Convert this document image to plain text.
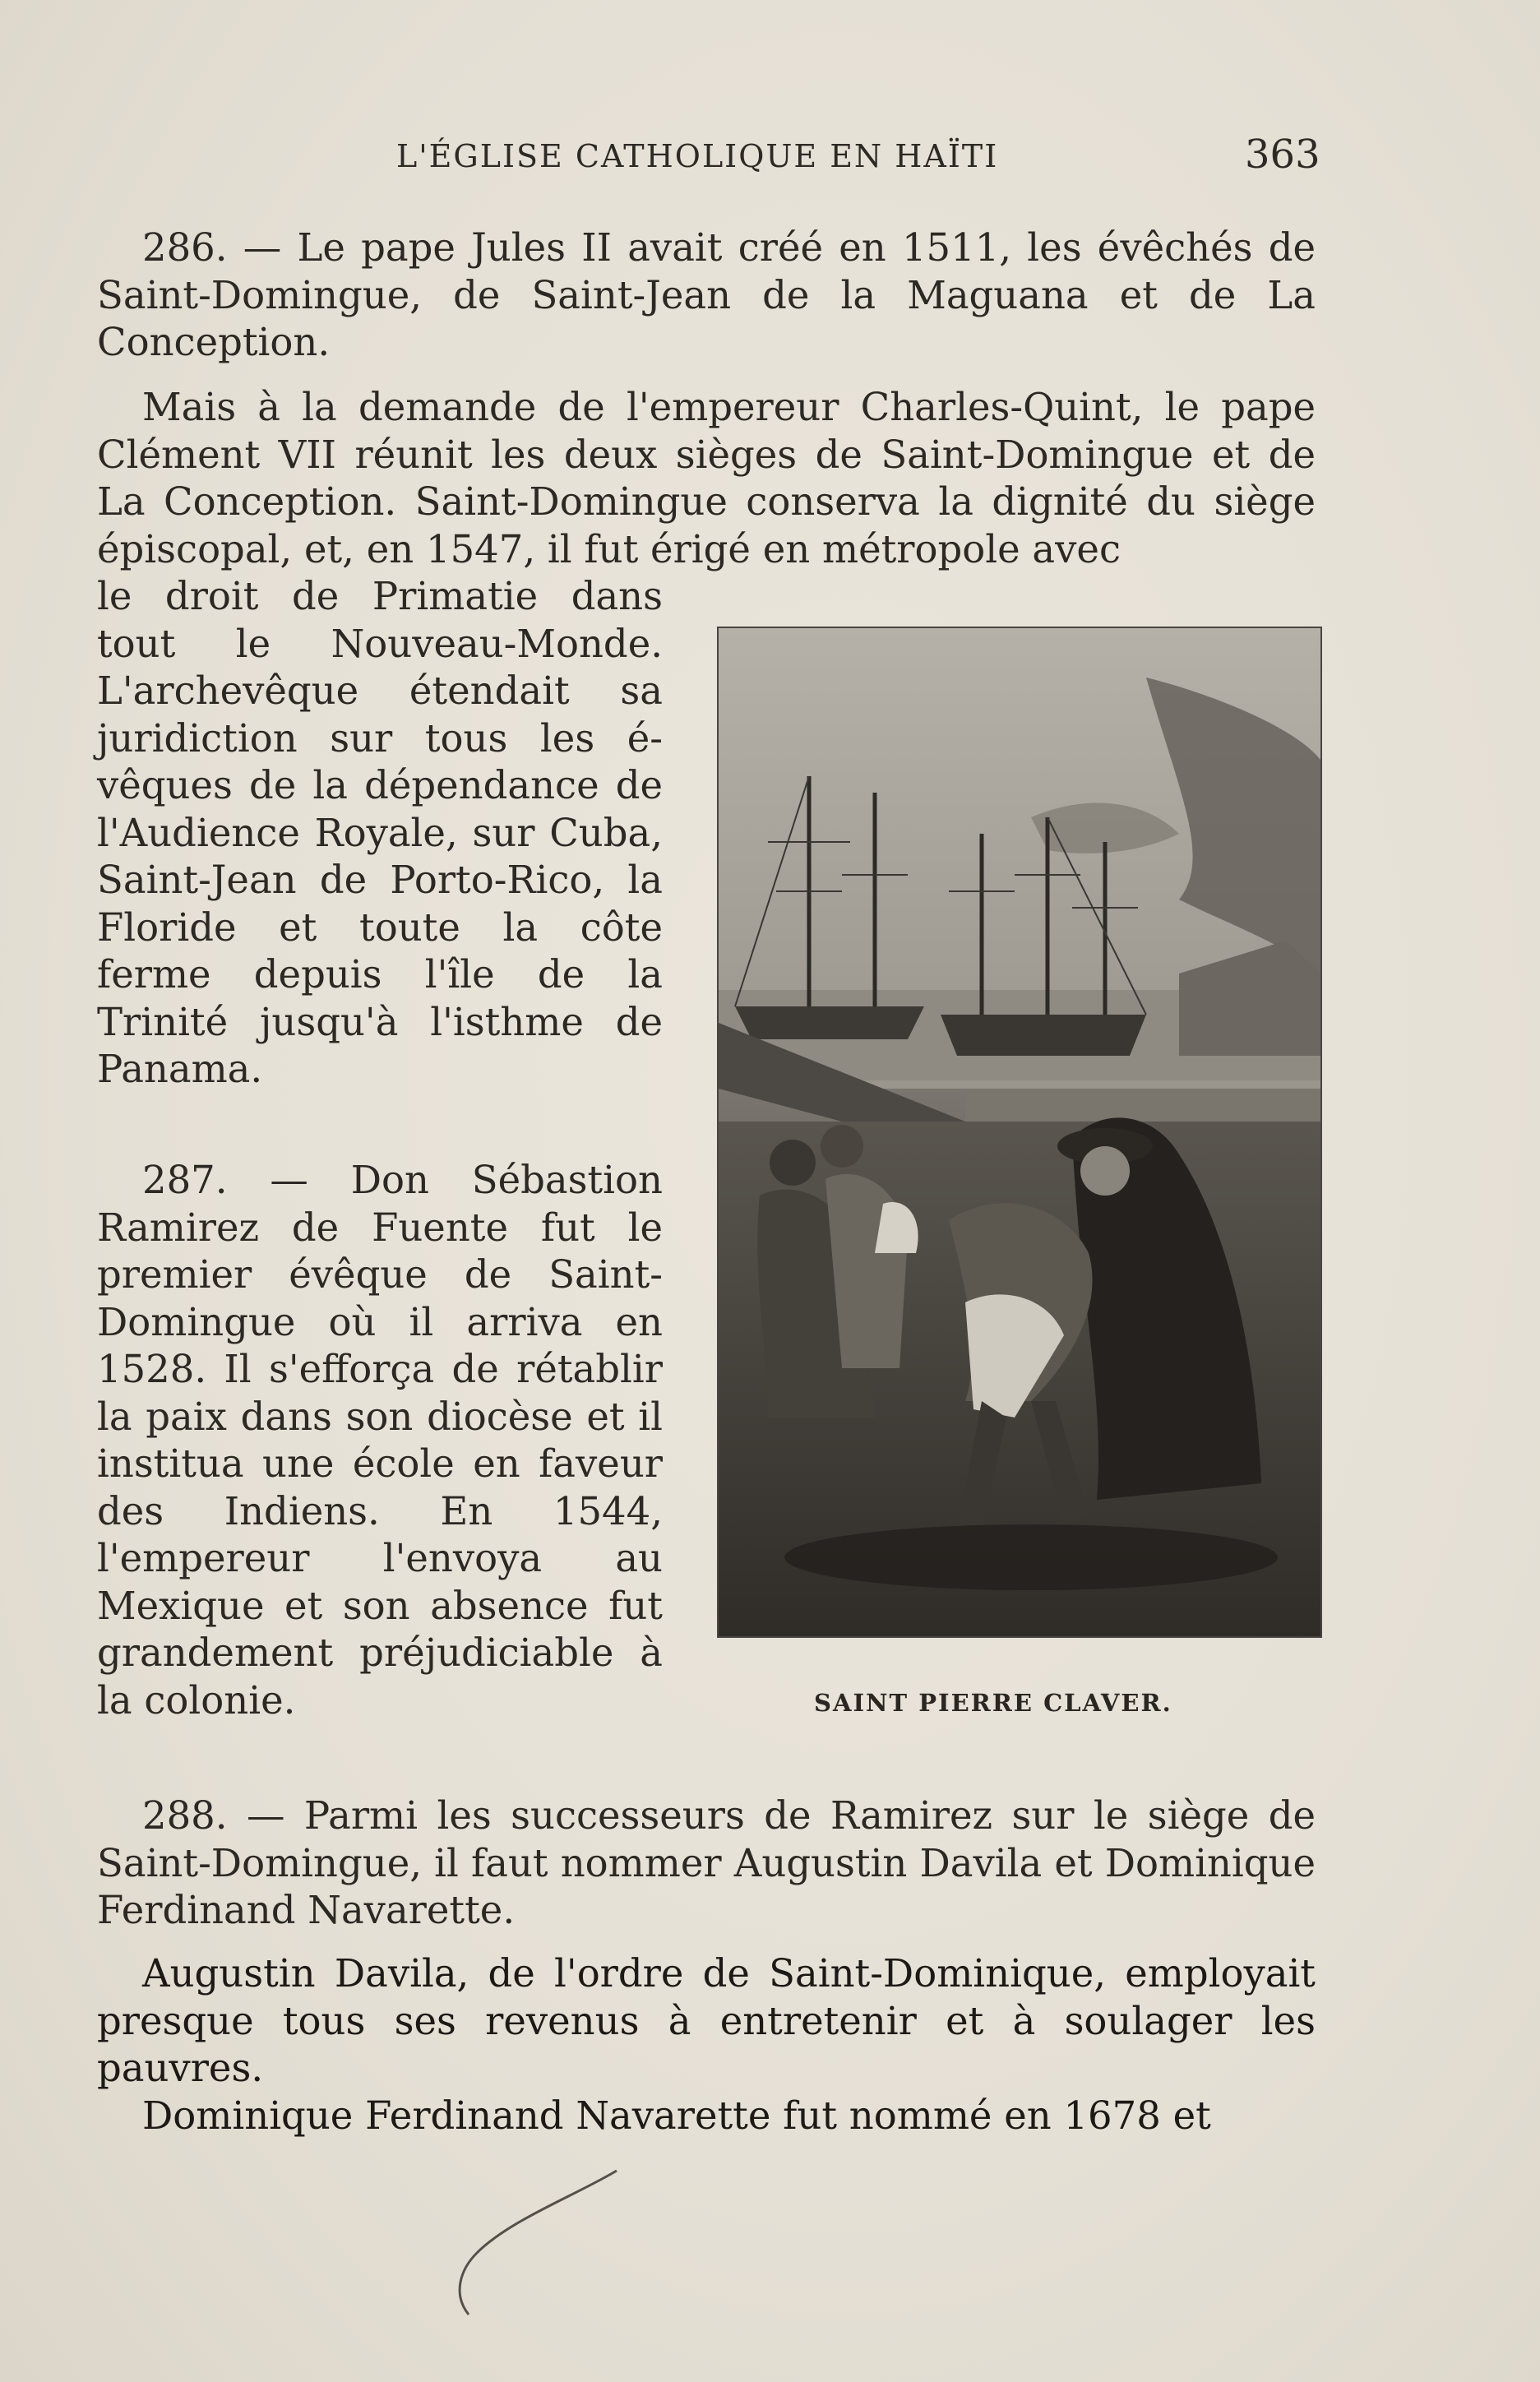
L'ÉGLISE CATHOLIQUE EN HAÏTI	363

286. — Le pape Jules II avait créé en 1511, les évêchés de Saint-Domingue, de Saint-Jean de la Maguana et de La Conception.

Mais à la demande de l'empereur Charles-Quint, le pape Clément VII réunit les deux sièges de Saint-Domingue et de La Conception. Saint-Domingue conserva la dignité du siège épiscopal, et, en 1547, il fut érigé en métropole avec

le droit de Primatie dans tout le Nouveau-Monde. L'archevêque étendait sa juridiction sur tous les é-vêques de la dépendance de l'Audience Royale, sur Cuba, Saint-Jean de Porto-Rico, la Floride et toute la côte ferme depuis l'île de la Trinité jusqu'à l'isthme de Panama.

287. — Don Sébastion Ramirez de Fuente fut le premier évêque de Saint-Domingue où il arriva en 1528. Il s'efforça de rétablir la paix dans son diocèse et il institua une école en faveur des Indiens. En 1544, l'empereur l'envoya au Mexique et son absence fut grandement préjudiciable à la colonie.	SAINT PIERRE CLAVER.

288. — Parmi les successeurs de Ramirez sur le siège de Saint-Domingue, il faut nommer Augustin Davila et Dominique Ferdinand Navarette.

Augustin Davila, de l'ordre de Saint-Dominique, employait presque tous ses revenus à entretenir et à soulager les pauvres.

Dominique Ferdinand Navarette fut nommé en 1678 et
